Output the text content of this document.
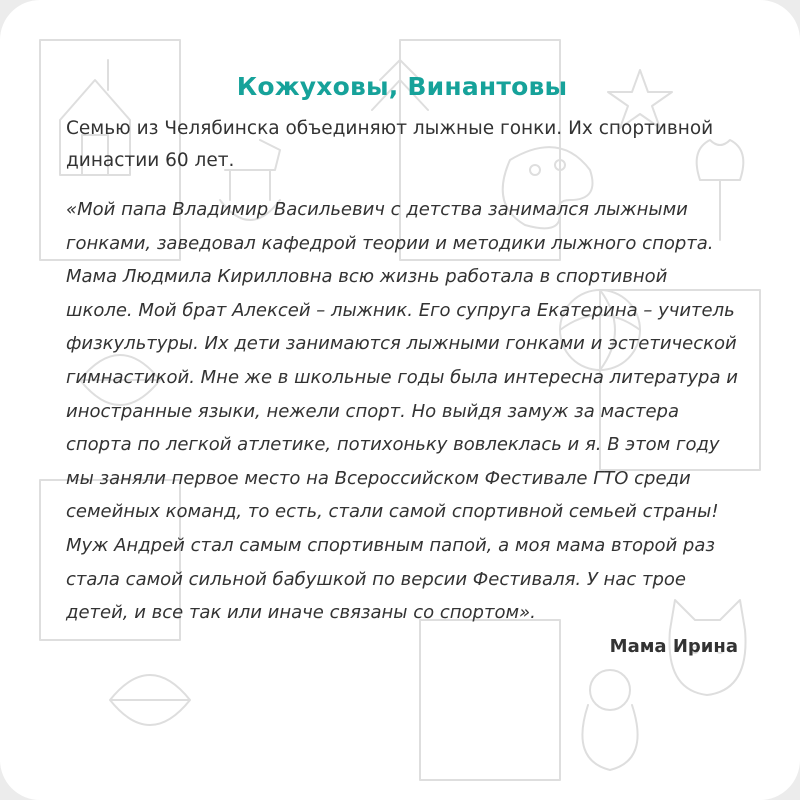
Кожуховы, Винантовы

Семью из Челябинска объединяют лыжные гонки. Их спортивной династии 60 лет.

«Мой папа Владимир Васильевич с детства занимался лыжными гонками, заведовал кафедрой теории и методики лыжного спорта. Мама Людмила Кирилловна всю жизнь работала в спортивной школе. Мой брат Алексей – лыжник. Его супруга Екатерина – учитель физкультуры. Их дети занимаются лыжными гонками и эстетической гимнастикой. Мне же в школьные годы была интересна литература и иностранные языки, нежели спорт. Но выйдя замуж за мастера спорта по легкой атлетике, потихоньку вовлеклась и я. В этом году мы заняли первое место на Всероссийском Фестивале ГТО среди семейных команд, то есть, стали самой спортивной семьей страны! Муж Андрей стал самым спортивным папой, а моя мама второй раз стала самой сильной бабушкой по версии Фестиваля. У нас трое детей, и все так или иначе связаны со спортом».

Мама Ирина
